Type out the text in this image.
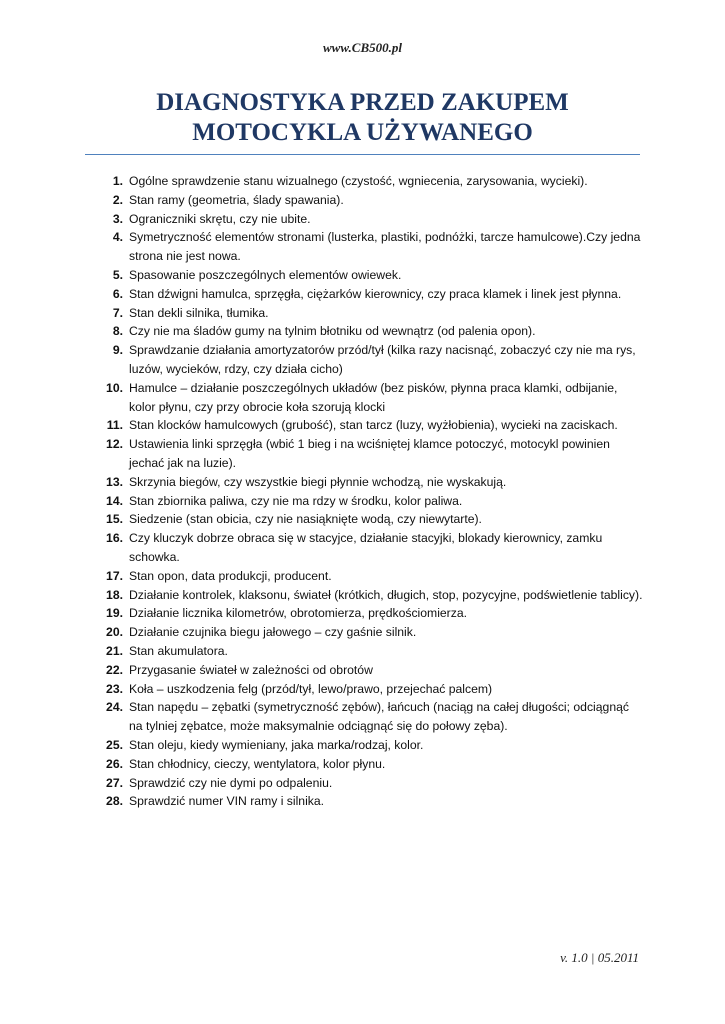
www.CB500.pl
DIAGNOSTYKA PRZED ZAKUPEM
MOTOCYKLA UŻYWANEGO
1. Ogólne sprawdzenie stanu wizualnego (czystość, wgniecenia, zarysowania, wycieki).
2. Stan ramy (geometria, ślady spawania).
3. Ograniczniki skrętu, czy nie ubite.
4. Symetryczność elementów stronami (lusterka, plastiki, podnóżki, tarcze hamulcowe).Czy jedna strona nie jest nowa.
5. Spasowanie poszczególnych elementów owiewek.
6. Stan dźwigni hamulca, sprzęgła, ciężarków kierownicy, czy praca klamek i linek jest płynna.
7. Stan dekli silnika, tłumika.
8. Czy nie ma śladów gumy na tylnim błotniku od wewnątrz (od palenia opon).
9. Sprawdzanie działania amortyzatorów przód/tył (kilka razy nacisnąć, zobaczyć czy nie ma rys, luzów, wycieków, rdzy, czy działa cicho)
10. Hamulce – działanie poszczególnych układów (bez pisków, płynna praca klamki, odbijanie, kolor płynu, czy przy obrocie koła szorują klocki
11. Stan klocków hamulcowych (grubość), stan tarcz (luzy, wyżłobienia), wycieki na zaciskach.
12. Ustawienia linki sprzęgła (wbić 1 bieg i na wciśniętej klamce potoczyć, motocykl powinien jechać jak na luzie).
13. Skrzynia biegów, czy wszystkie biegi płynnie wchodzą, nie wyskakują.
14. Stan zbiornika paliwa, czy nie ma rdzy w środku, kolor paliwa.
15. Siedzenie (stan obicia, czy nie nasiąknięte wodą, czy niewytarte).
16. Czy kluczyk dobrze obraca się w stacyjce, działanie stacyjki, blokady kierownicy, zamku schowka.
17. Stan opon, data produkcji, producent.
18. Działanie kontrolek, klaksonu, świateł (krótkich, długich, stop, pozycyjne, podświetlenie tablicy).
19. Działanie licznika kilometrów, obrotomierza, prędkościomierza.
20. Działanie czujnika biegu jałowego – czy gaśnie silnik.
21. Stan akumulatora.
22. Przygasanie świateł w zależności od obrotów
23. Koła – uszkodzenia felg (przód/tył, lewo/prawo, przejechać palcem)
24. Stan napędu – zębatki (symetryczność zębów), łańcuch (naciąg na całej długości; odciągnąć na tylniej zębatce, może maksymalnie odciągnąć się do połowy zęba).
25. Stan oleju, kiedy wymieniany, jaka marka/rodzaj, kolor.
26. Stan chłodnicy, cieczy, wentylatora, kolor płynu.
27. Sprawdzić czy nie dymi po odpaleniu.
28. Sprawdzić numer VIN ramy i silnika.
v. 1.0 | 05.2011
